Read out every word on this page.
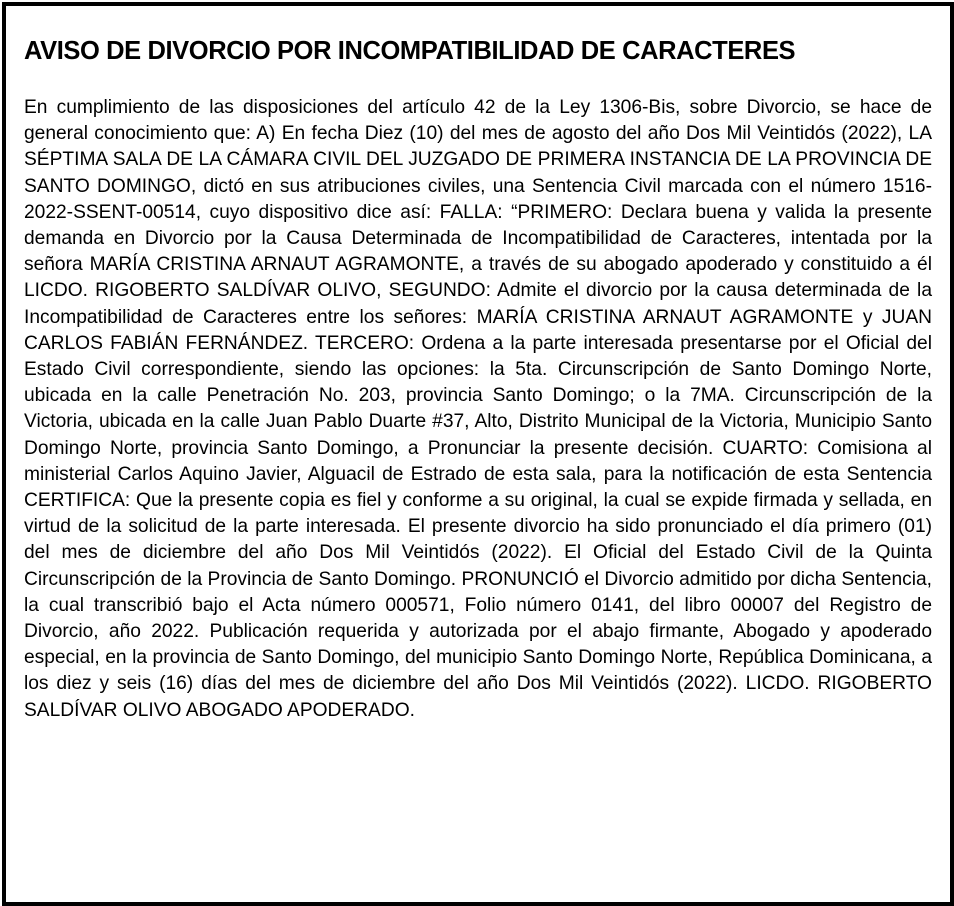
AVISO DE DIVORCIO POR INCOMPATIBILIDAD DE CARACTERES

En cumplimiento de las disposiciones del artículo 42 de la Ley 1306-Bis, sobre Divorcio, se hace de general conocimiento que: A) En fecha Diez (10) del mes de agosto del año Dos Mil Veintidós (2022), LA SÉPTIMA SALA DE LA CÁMARA CIVIL DEL JUZGADO DE PRIMERA INSTANCIA DE LA PROVINCIA DE SANTO DOMINGO, dictó en sus atribuciones civiles, una Sentencia Civil marcada con el número 1516-2022-SSENT-00514, cuyo dispositivo dice así: FALLA: “PRIMERO: Declara buena y valida la presente demanda en Divorcio por la Causa Determinada de Incompatibilidad de Caracteres, intentada por la señora MARÍA CRISTINA ARNAUT AGRAMONTE, a través de su abogado apoderado y constituido a él LICDO. RIGOBERTO SALDÍVAR OLIVO, SEGUNDO: Admite el divorcio por la causa determinada de la Incompatibilidad de Caracteres entre los señores: MARÍA CRISTINA ARNAUT AGRAMONTE y JUAN CARLOS FABIÁN FERNÁNDEZ. TERCERO: Ordena a la parte interesada presentarse por el Oficial del Estado Civil correspondiente, siendo las opciones: la 5ta. Circunscripción de Santo Domingo Norte, ubicada en la calle Penetración No. 203, provincia Santo Domingo; o la 7MA. Circunscripción de la Victoria, ubicada en la calle Juan Pablo Duarte #37, Alto, Distrito Municipal de la Victoria, Municipio Santo Domingo Norte, provincia Santo Domingo, a Pronunciar la presente decisión. CUARTO: Comisiona al ministerial Carlos Aquino Javier, Alguacil de Estrado de esta sala, para la notificación de esta Sentencia CERTIFICA: Que la presente copia es fiel y conforme a su original, la cual se expide firmada y sellada, en virtud de la solicitud de la parte interesada. El presente divorcio ha sido pronunciado el día primero (01) del mes de diciembre del año Dos Mil Veintidós (2022). El Oficial del Estado Civil de la Quinta Circunscripción de la Provincia de Santo Domingo. PRONUNCIÓ el Divorcio admitido por dicha Sentencia, la cual transcribió bajo el Acta número 000571, Folio número 0141, del libro 00007 del Registro de Divorcio, año 2022. Publicación requerida y autorizada por el abajo firmante, Abogado y apoderado especial, en la provincia de Santo Domingo, del municipio Santo Domingo Norte, República Dominicana, a los diez y seis (16) días del mes de diciembre del año Dos Mil Veintidós (2022). LICDO. RIGOBERTO SALDÍVAR OLIVO ABOGADO APODERADO.
